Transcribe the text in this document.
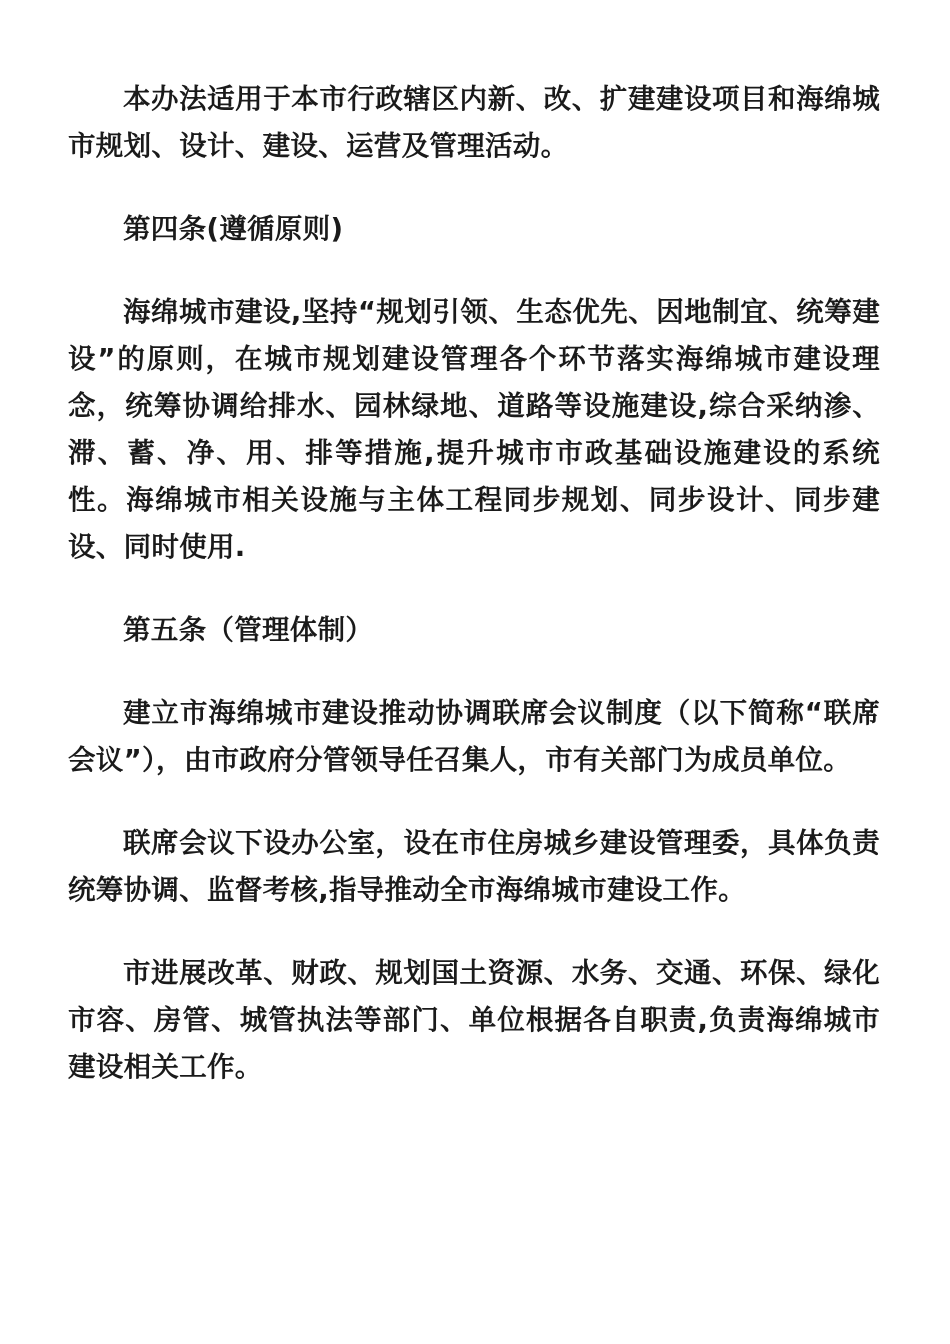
本办法适用于本市行政辖区内新、改、扩建建设项目和海绵城市规划、设计、建设、运营及管理活动。

第四条(遵循原则)

海绵城市建设,坚持“规划引领、生态优先、因地制宜、统筹建设”的原则，在城市规划建设管理各个环节落实海绵城市建设理念，统筹协调给排水、园林绿地、道路等设施建设,综合采纳渗、滞、蓄、净、用、排等措施,提升城市市政基础设施建设的系统性。海绵城市相关设施与主体工程同步规划、同步设计、同步建设、同时使用.

第五条（管理体制）

建立市海绵城市建设推动协调联席会议制度（以下简称“联席会议”），由市政府分管领导任召集人，市有关部门为成员单位。

联席会议下设办公室，设在市住房城乡建设管理委，具体负责统筹协调、监督考核,指导推动全市海绵城市建设工作。

市进展改革、财政、规划国土资源、水务、交通、环保、绿化市容、房管、城管执法等部门、单位根据各自职责,负责海绵城市建设相关工作。
